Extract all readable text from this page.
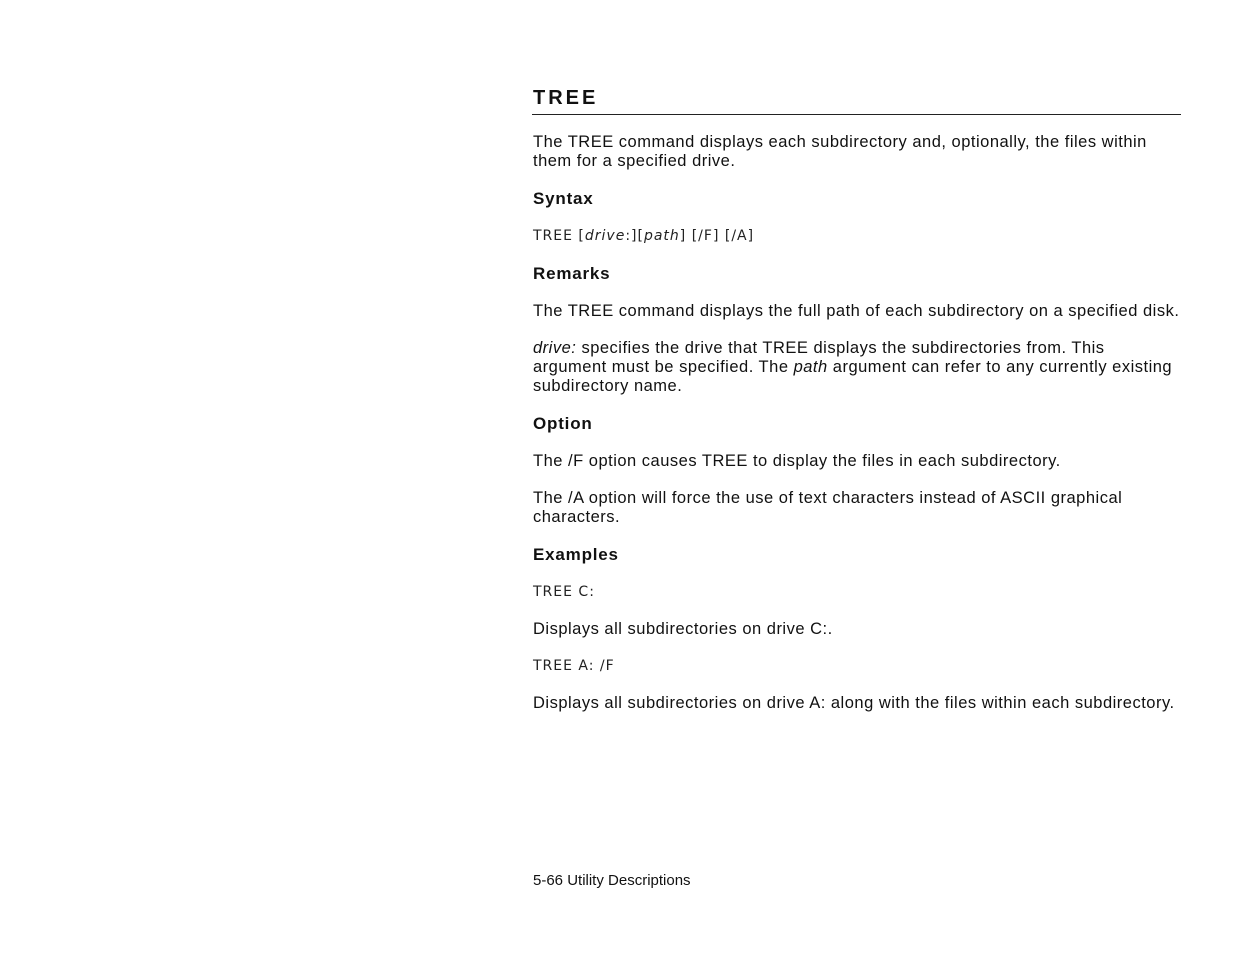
TREE

The TREE command displays each subdirectory and, optionally, the files within them for a specified drive.

Syntax
TREE [drive:][path] [/F] [/A]
Remarks

The TREE command displays the full path of each subdirectory on a specified disk.

drive: specifies the drive that TREE displays the subdirectories from. This argument must be specified. The path argument can refer to any currently existing subdirectory name.

Option

The /F option causes TREE to display the files in each subdirectory.

The /A option will force the use of text characters instead of ASCII graphical characters.

Examples
TREE C:

Displays all subdirectories on drive C:.

TREE A: /F

Displays all subdirectories on drive A: along with the files within each subdirectory.

5-66 Utility Descriptions
